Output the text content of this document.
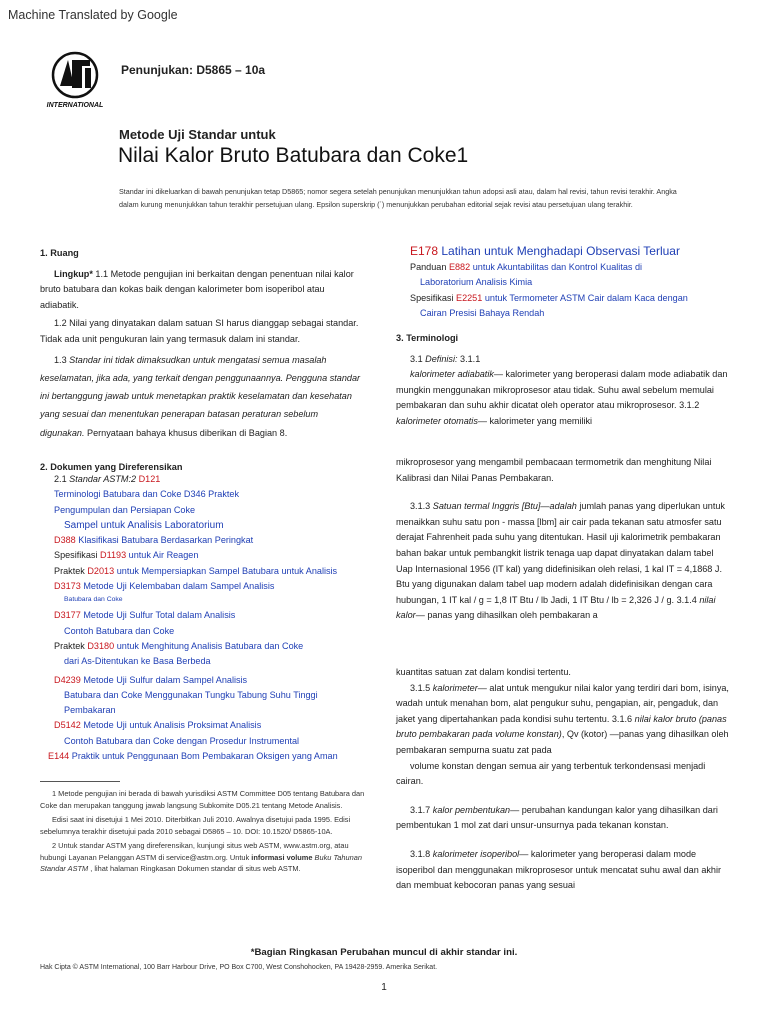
Machine Translated by Google
INTERNATIONAL
Penunjukan: D5865 – 10a
Metode Uji Standar untuk
Nilai Kalor Bruto Batubara dan Coke1
Standar ini dikeluarkan di bawah penunjukan tetap D5865; nomor segera setelah penunjukan menunjukkan tahun adopsi asli atau, dalam hal revisi, tahun revisi terakhir. Angka dalam kurung menunjukkan tahun terakhir persetujuan ulang. Epsilon superskrip (´) menunjukkan perubahan editorial sejak revisi atau persetujuan ulang terakhir.

1. Ruang

Lingkup* 1.1 Metode pengujian ini berkaitan dengan penentuan nilai kalor bruto batubara dan kokas baik dengan kalorimeter bom isoperibol atau adiabatik.

1.2 Nilai yang dinyatakan dalam satuan SI harus dianggap sebagai standar. Tidak ada unit pengukuran lain yang termasuk dalam ini standar.

1.3 Standar ini tidak dimaksudkan untuk mengatasi semua masalah keselamatan, jika ada, yang terkait dengan penggunaannya. Pengguna standar ini bertanggung jawab untuk menetapkan praktik keselamatan dan kesehatan yang sesuai dan menentukan penerapan batasan peraturan sebelum digunakan. Pernyataan bahaya khusus diberikan di Bagian 8.

2. Dokumen yang Direferensikan

2.1 Standar ASTM:2 D121

Terminologi Batubara dan Coke D346 Praktek

Pengumpulan dan Persiapan Coke

Sampel untuk Analisis Laboratorium

D388 Klasifikasi Batubara Berdasarkan Peringkat

Spesifikasi D1193 untuk Air Reagen

Praktek D2013 untuk Mempersiapkan Sampel Batubara untuk Analisis

D3173 Metode Uji Kelembaban dalam Sampel Analisis

Batubara dan Coke

D3177 Metode Uji Sulfur Total dalam Analisis

Contoh Batubara dan Coke

Praktek D3180 untuk Menghitung Analisis Batubara dan Coke

dari As-Ditentukan ke Basa Berbeda

D4239 Metode Uji Sulfur dalam Sampel Analisis

Batubara dan Coke Menggunakan Tungku Tabung Suhu Tinggi

Pembakaran

D5142 Metode Uji untuk Analisis Proksimat Analisis

Contoh Batubara dan Coke dengan Prosedur Instrumental

E144 Praktik untuk Penggunaan Bom Pembakaran Oksigen yang Aman

1 Metode pengujian ini berada di bawah yurisdiksi ASTM Committee D05 tentang Batubara dan Coke dan merupakan tanggung jawab langsung Subkomite D05.21 tentang Metode Analisis.

Edisi saat ini disetujui 1 Mei 2010. Diterbitkan Juli 2010. Awalnya disetujui pada 1995. Edisi sebelumnya terakhir disetujui pada 2010 sebagai D5865 – 10. DOI: 10.1520/ D5865-10A.

2 Untuk standar ASTM yang direferensikan, kunjungi situs web ASTM, www.astm.org, atau hubungi Layanan Pelanggan ASTM di service@astm.org. Untuk informasi volume Buku Tahunan Standar ASTM , lihat halaman Ringkasan Dokumen standar di situs web ASTM.

E178 Latihan untuk Menghadapi Observasi Terluar

Panduan E882 untuk Akuntabilitas dan Kontrol Kualitas di

Laboratorium Analisis Kimia

Spesifikasi E2251 untuk Termometer ASTM Cair dalam Kaca dengan

Cairan Presisi Bahaya Rendah

3. Terminologi

3.1 Definisi: 3.1.1

kalorimeter adiabatik— kalorimeter yang beroperasi dalam mode adiabatik dan mungkin menggunakan mikroprosesor atau tidak. Suhu awal sebelum memulai pembakaran dan suhu akhir dicatat oleh operator atau mikroprosesor. 3.1.2 kalorimeter otomatis— kalorimeter yang memiliki

mikroprosesor yang mengambil pembacaan termometrik dan menghitung Nilai Kalibrasi dan Nilai Panas Pembakaran.

3.1.3 Satuan termal Inggris [Btu]—adalah jumlah panas yang diperlukan untuk menaikkan suhu satu pon - massa [lbm] air cair pada tekanan satu atmosfer satu derajat Fahrenheit pada suhu yang ditentukan. Hasil uji kalorimetrik pembakaran bahan bakar untuk pembangkit listrik tenaga uap dapat dinyatakan dalam tabel Uap Internasional 1956 (IT kal) yang didefinisikan oleh relasi, 1 kal IT = 4,1868 J. Btu yang digunakan dalam tabel uap modern adalah didefinisikan dengan cara hubungan, 1 IT kal / g = 1,8 IT Btu / lb Jadi, 1 IT Btu / lb = 2,326 J / g. 3.1.4 nilai kalor— panas yang dihasilkan oleh pembakaran a

kuantitas satuan zat dalam kondisi tertentu.

3.1.5 kalorimeter— alat untuk mengukur nilai kalor yang terdiri dari bom, isinya, wadah untuk menahan bom, alat pengukur suhu, pengapian, air, pengaduk, dan jaket yang dipertahankan pada kondisi suhu tertentu. 3.1.6 nilai kalor bruto (panas bruto pembakaran pada volume konstan), Qv (kotor) —panas yang dihasilkan oleh pembakaran sempurna suatu zat pada

volume konstan dengan semua air yang terbentuk terkondensasi menjadi cairan.

3.1.7 kalor pembentukan— perubahan kandungan kalor yang dihasilkan dari pembentukan 1 mol zat dari unsur-unsurnya pada tekanan konstan.

3.1.8 kalorimeter isoperibol— kalorimeter yang beroperasi dalam mode isoperibol dan menggunakan mikroprosesor untuk mencatat suhu awal dan akhir dan membuat kebocoran panas yang sesuai

*Bagian Ringkasan Perubahan muncul di akhir standar ini.
Hak Cipta © ASTM International, 100 Barr Harbour Drive, PO Box C700, West Conshohocken, PA 19428-2959. Amerika Serikat.
1
